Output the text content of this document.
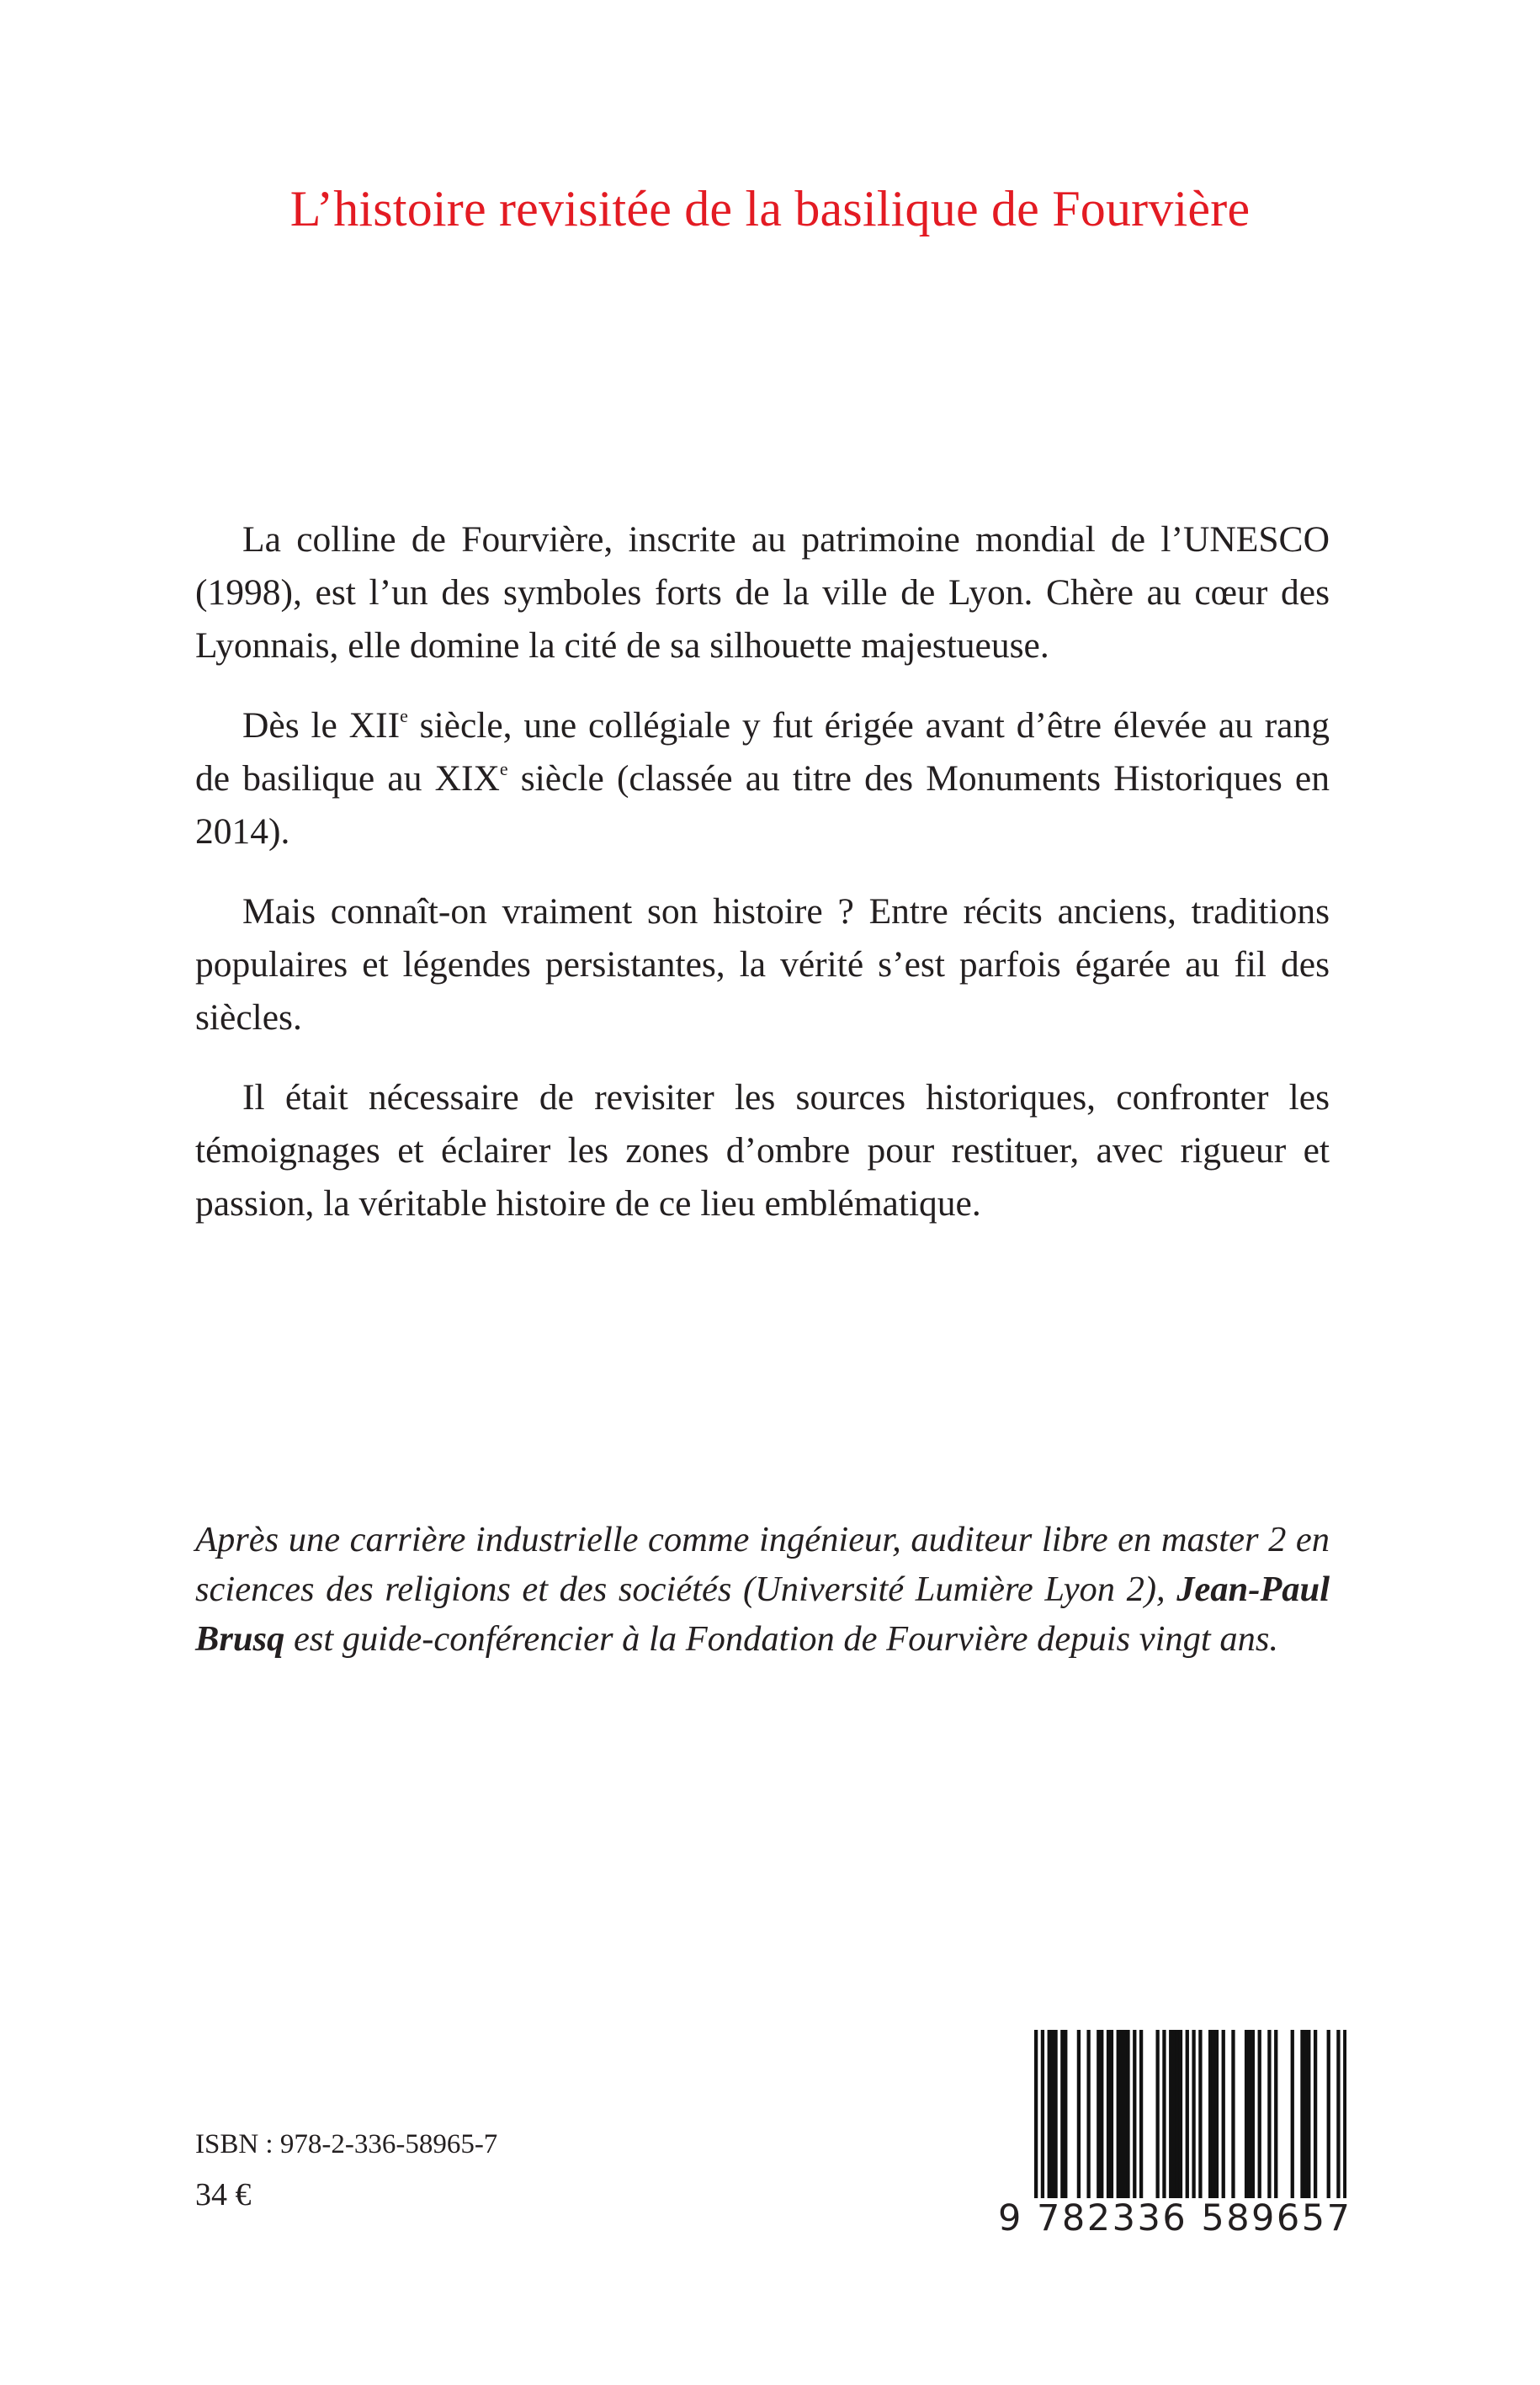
L’histoire revisitée de la basilique de Fourvière

La colline de Fourvière, inscrite au patrimoine mondial de l’UNESCO (1998), est l’un des symboles forts de la ville de Lyon. Chère au cœur des Lyonnais, elle domine la cité de sa silhouette majestueuse.

Dès le XIIe siècle, une collégiale y fut érigée avant d’être élevée au rang de basilique au XIXe siècle (classée au titre des Monuments Historiques en 2014).

Mais connaît-on vraiment son histoire ? Entre récits anciens, traditions populaires et légendes persistantes, la vérité s’est parfois égarée au fil des siècles.

Il était nécessaire de revisiter les sources historiques, confronter les témoignages et éclairer les zones d’ombre pour restituer, avec rigueur et passion, la véritable histoire de ce lieu emblématique.

Après une carrière industrielle comme ingénieur, auditeur libre en master 2 en sciences des religions et des sociétés (Université Lumière Lyon 2), Jean-Paul Brusq est guide-conférencier à la Fondation de Fourvière depuis vingt ans.

ISBN : 978-2-336-58965-7
34 €
9 782336 589657
